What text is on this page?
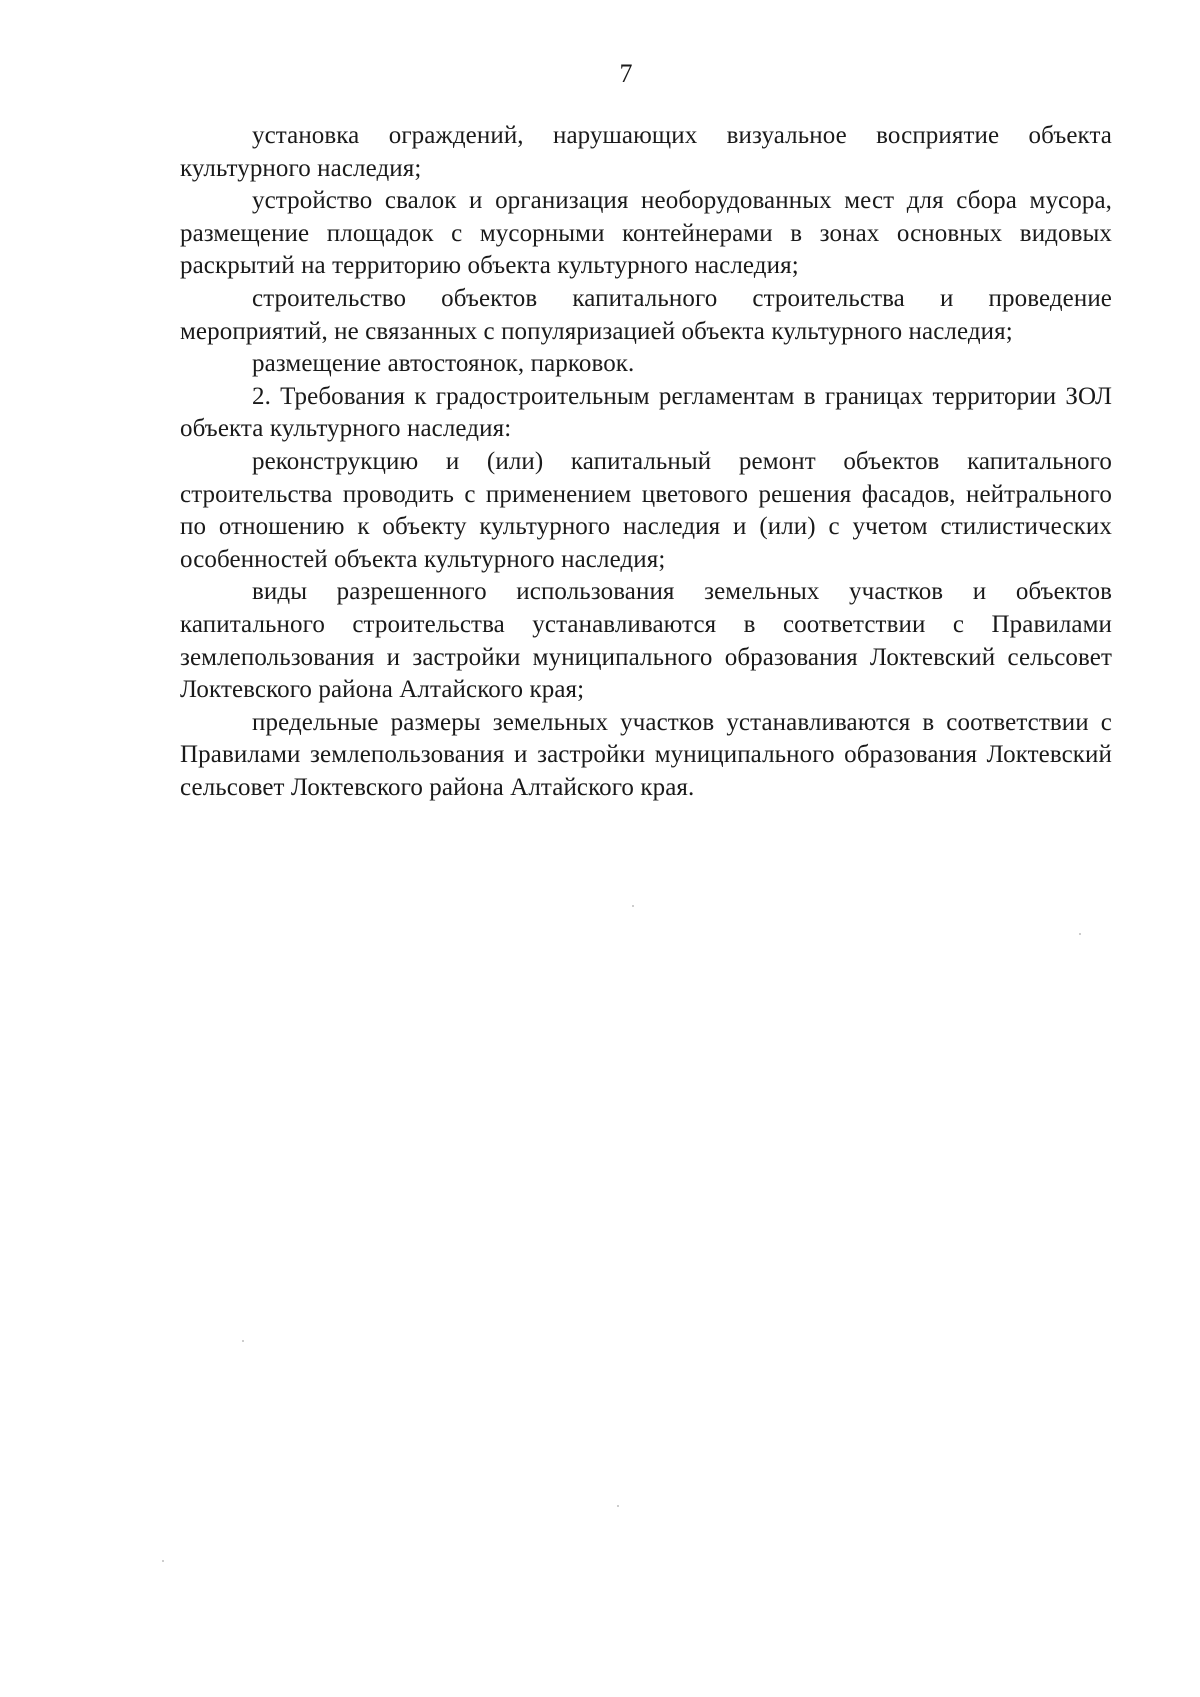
7

установка ограждений, нарушающих визуальное восприятие объекта культурного наследия;

устройство свалок и организация необорудованных мест для сбора мусора, размещение площадок с мусорными контейнерами в зонах основных видовых раскрытий на территорию объекта культурного наследия;

строительство объектов капитального строительства и проведение мероприятий, не связанных с популяризацией объекта культурного наследия;

размещение автостоянок, парковок.

2. Требования к градостроительным регламентам в границах территории ЗОЛ объекта культурного наследия:

реконструкцию и (или) капитальный ремонт объектов капитального строительства проводить с применением цветового решения фасадов, нейтрального по отношению к объекту культурного наследия и (или) с учетом стилистических особенностей объекта культурного наследия;

виды разрешенного использования земельных участков и объектов капитального строительства устанавливаются в соответствии с Правилами землепользования и застройки муниципального образования Локтевский сельсовет Локтевского района Алтайского края;

предельные размеры земельных участков устанавливаются в соответствии с Правилами землепользования и застройки муниципального образования Локтевский сельсовет Локтевского района Алтайского края.
